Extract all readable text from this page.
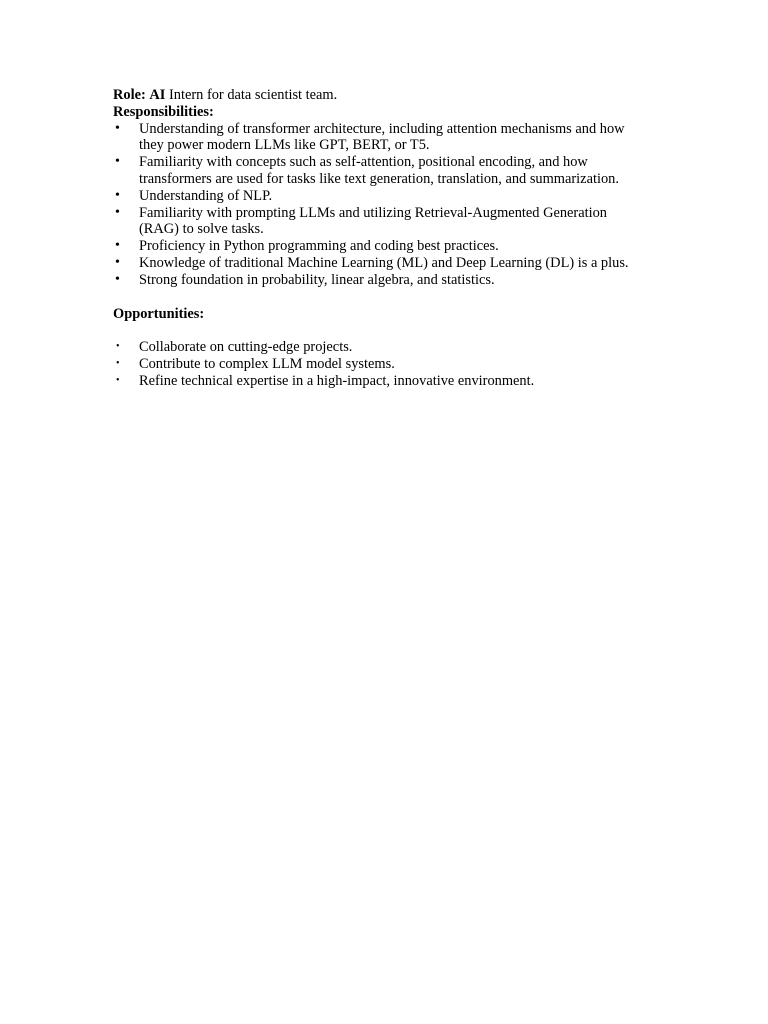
Role: AI Intern for data scientist team.

Responsibilities:

• Understanding of transformer architecture, including attention mechanisms and how
they power modern LLMs like GPT, BERT, or T5.
• Familiarity with concepts such as self-attention, positional encoding, and how
transformers are used for tasks like text generation, translation, and summarization.
• Understanding of NLP.
• Familiarity with prompting LLMs and utilizing Retrieval-Augmented Generation
(RAG) to solve tasks.
• Proficiency in Python programming and coding best practices.
• Knowledge of traditional Machine Learning (ML) and Deep Learning (DL) is a plus.
• Strong foundation in probability, linear algebra, and statistics.

Opportunities:

• Collaborate on cutting-edge projects.
• Contribute to complex LLM model systems.
• Refine technical expertise in a high-impact, innovative environment.
